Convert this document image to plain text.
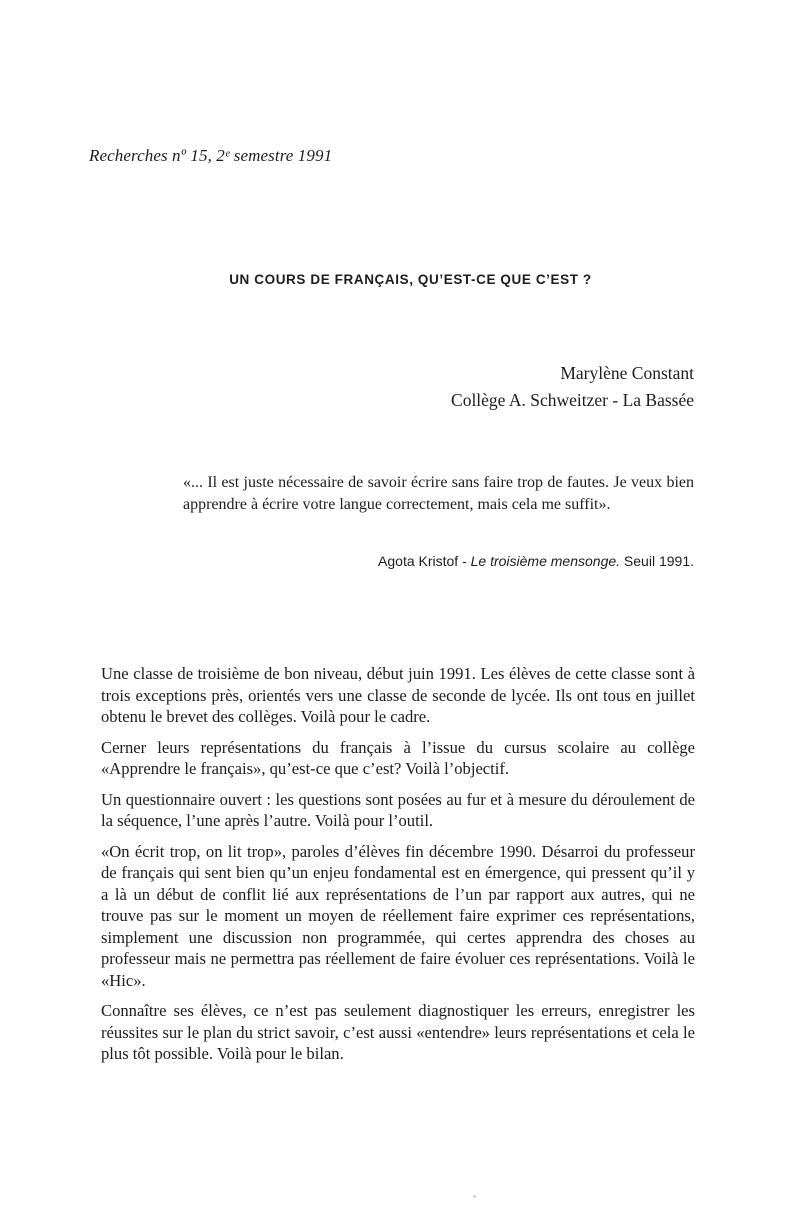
Recherches nº 15, 2ᵉ semestre 1991
UN COURS DE FRANÇAIS, QU’EST-CE QUE C’EST ?
Marylène Constant
Collège A. Schweitzer - La Bassée
«... Il est juste nécessaire de savoir écrire sans faire trop de fautes. Je veux bien apprendre à écrire votre langue correctement, mais cela me suffit».
Agota Kristof - Le troisième mensonge. Seuil 1991.

Une classe de troisième de bon niveau, début juin 1991. Les élèves de cette classe sont à trois exceptions près, orientés vers une classe de seconde de lycée. Ils ont tous en juillet obtenu le brevet des collèges. Voilà pour le cadre.

Cerner leurs représentations du français à l’issue du cursus scolaire au collège «Apprendre le français», qu’est-ce que c’est? Voilà l’objectif.

Un questionnaire ouvert : les questions sont posées au fur et à mesure du déroulement de la séquence, l’une après l’autre. Voilà pour l’outil.

«On écrit trop, on lit trop», paroles d’élèves fin décembre 1990. Désarroi du professeur de français qui sent bien qu’un enjeu fondamental est en émergence, qui pressent qu’il y a là un début de conflit lié aux représentations de l’un par rapport aux autres, qui ne trouve pas sur le moment un moyen de réellement faire exprimer ces représentations, simplement une discussion non programmée, qui certes apprendra des choses au professeur mais ne permettra pas réellement de faire évoluer ces représentations. Voilà le «Hic».

Connaître ses élèves, ce n’est pas seulement diagnostiquer les erreurs, enregistrer les réussites sur le plan du strict savoir, c’est aussi «entendre» leurs représentations et cela le plus tôt possible. Voilà pour le bilan.
